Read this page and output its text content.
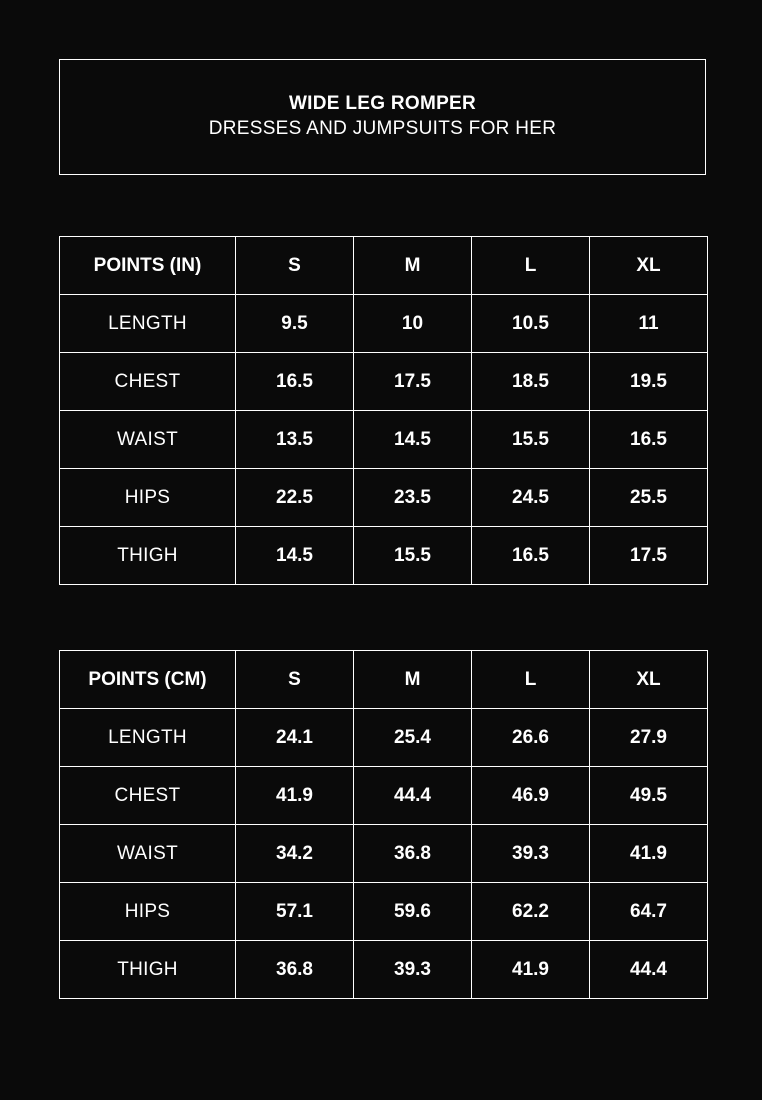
WIDE LEG ROMPER
DRESSES AND JUMPSUITS FOR HER
POINTS (IN)	S	M	L	XL
LENGTH	9.5	10	10.5	11
CHEST	16.5	17.5	18.5	19.5
WAIST	13.5	14.5	15.5	16.5
HIPS	22.5	23.5	24.5	25.5
THIGH	14.5	15.5	16.5	17.5
POINTS (CM)	S	M	L	XL
LENGTH	24.1	25.4	26.6	27.9
CHEST	41.9	44.4	46.9	49.5
WAIST	34.2	36.8	39.3	41.9
HIPS	57.1	59.6	62.2	64.7
THIGH	36.8	39.3	41.9	44.4
